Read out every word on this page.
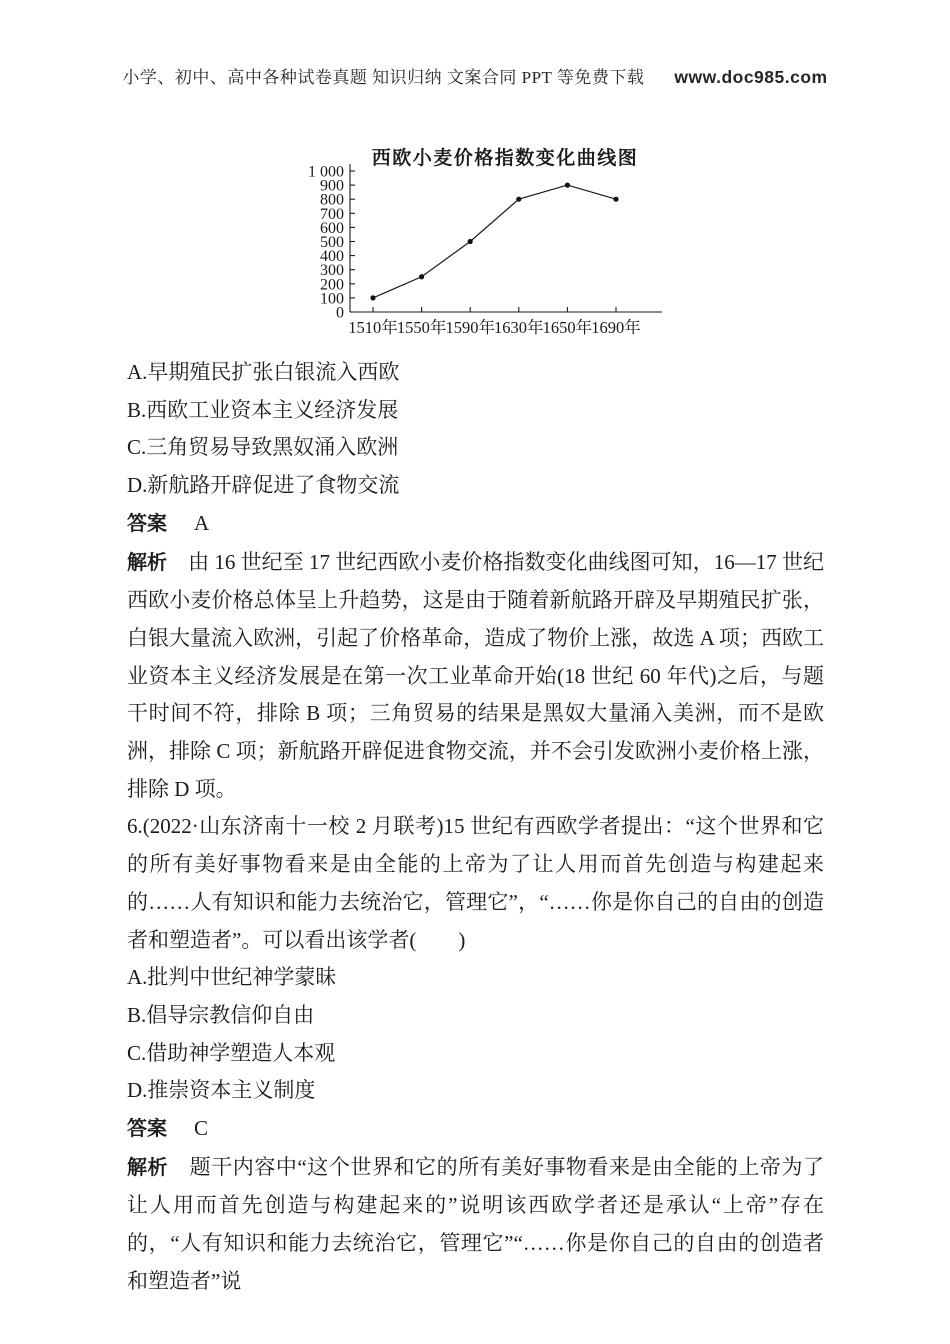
小学、初中、高中各种试卷真题 知识归纳 文案合同 PPT 等免费下载 www.doc985.com
西欧小麦价格指数变化曲线图
0
100
200
300
400
500
600
700
800
900
1 000
1510年 1550年 1590年 1630年 1650年 1690年

A.早期殖民扩张白银流入西欧

B.西欧工业资本主义经济发展

C.三角贸易导致黑奴涌入欧洲

D.新航路开辟促进了食物交流

答案 A

解析 由 16 世纪至 17 世纪西欧小麦价格指数变化曲线图可知，16—17 世纪西欧小麦价格总体呈上升趋势，这是由于随着新航路开辟及早期殖民扩张，白银大量流入欧洲，引起了价格革命，造成了物价上涨，故选 A 项；西欧工业资本主义经济发展是在第一次工业革命开始(18 世纪 60 年代)之后，与题干时间不符，排除 B 项；三角贸易的结果是黑奴大量涌入美洲，而不是欧洲，排除 C 项；新航路开辟促进食物交流，并不会引发欧洲小麦价格上涨，排除 D 项。

6.(2022·山东济南十一校 2 月联考)15 世纪有西欧学者提出：“这个世界和它的所有美好事物看来是由全能的上帝为了让人用而首先创造与构建起来的……人有知识和能力去统治它，管理它”，“……你是你自己的自由的创造者和塑造者”。可以看出该学者(　　)

A.批判中世纪神学蒙昧

B.倡导宗教信仰自由

C.借助神学塑造人本观

D.推崇资本主义制度

答案 C

解析 题干内容中“这个世界和它的所有美好事物看来是由全能的上帝为了让人用而首先创造与构建起来的”说明该西欧学者还是承认“上帝”存在的，“人有知识和能力去统治它，管理它”“……你是你自己的自由的创造者和塑造者”说
